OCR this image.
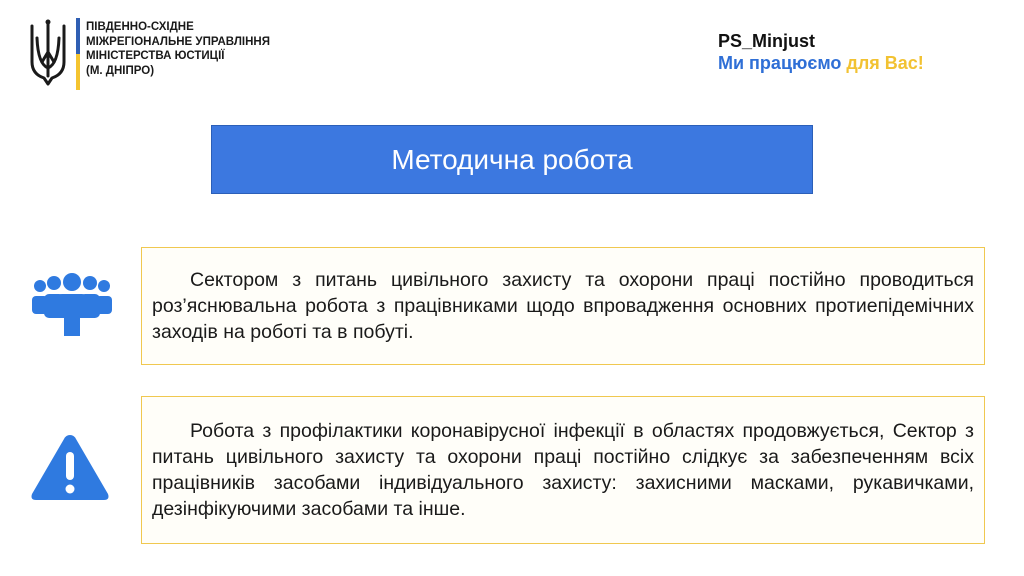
ПІВДЕННО-СХІДНЕ
МІЖРЕГІОНАЛЬНЕ УПРАВЛІННЯ
МІНІСТЕРСТВА ЮСТИЦІЇ
(М. ДНІПРО)
PS_Minjust
Ми працюємо для Вас!
Методична робота

Сектором з питань цивільного захисту та охорони праці постійно проводиться роз’яснювальна робота з працівниками щодо впровадження основних протиепідемічних заходів на роботі та в побуті.

Робота з профілактики коронавірусної інфекції в областях продовжується, Сектор з питань цивільного захисту та охорони праці постійно слідкує за забезпеченням всіх працівників засобами індивідуального захисту: захисними масками, рукавичками, дезінфікуючими засобами та інше.
